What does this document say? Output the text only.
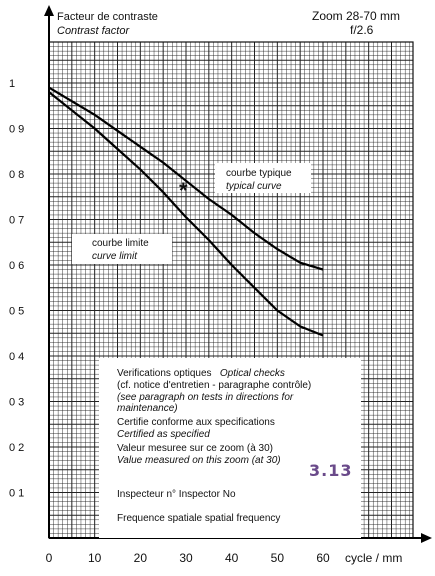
0	10	20	30	40	50	60
1
0 9
0 8
0 7
0 6
0 5
0 4
0 3
0 2
0 1
Facteur de contraste
Contrast factor
Zoom 28-70 mm
f/2.6
cycle / mm
courbe typique
typical curve
courbe limite
curve limit
*
Verifications optiques Optical checks
(cf. notice d'entretien - paragraphe contrôle)
(see paragraph on tests in directions for
maintenance)
Certifie conforme aux specifications
Certified as specified
Valeur mesuree sur ce zoom (à 30)
Value measured on this zoom (at 30)
3.13
Inspecteur n° Inspector No
Frequence spatiale spatial frequency
